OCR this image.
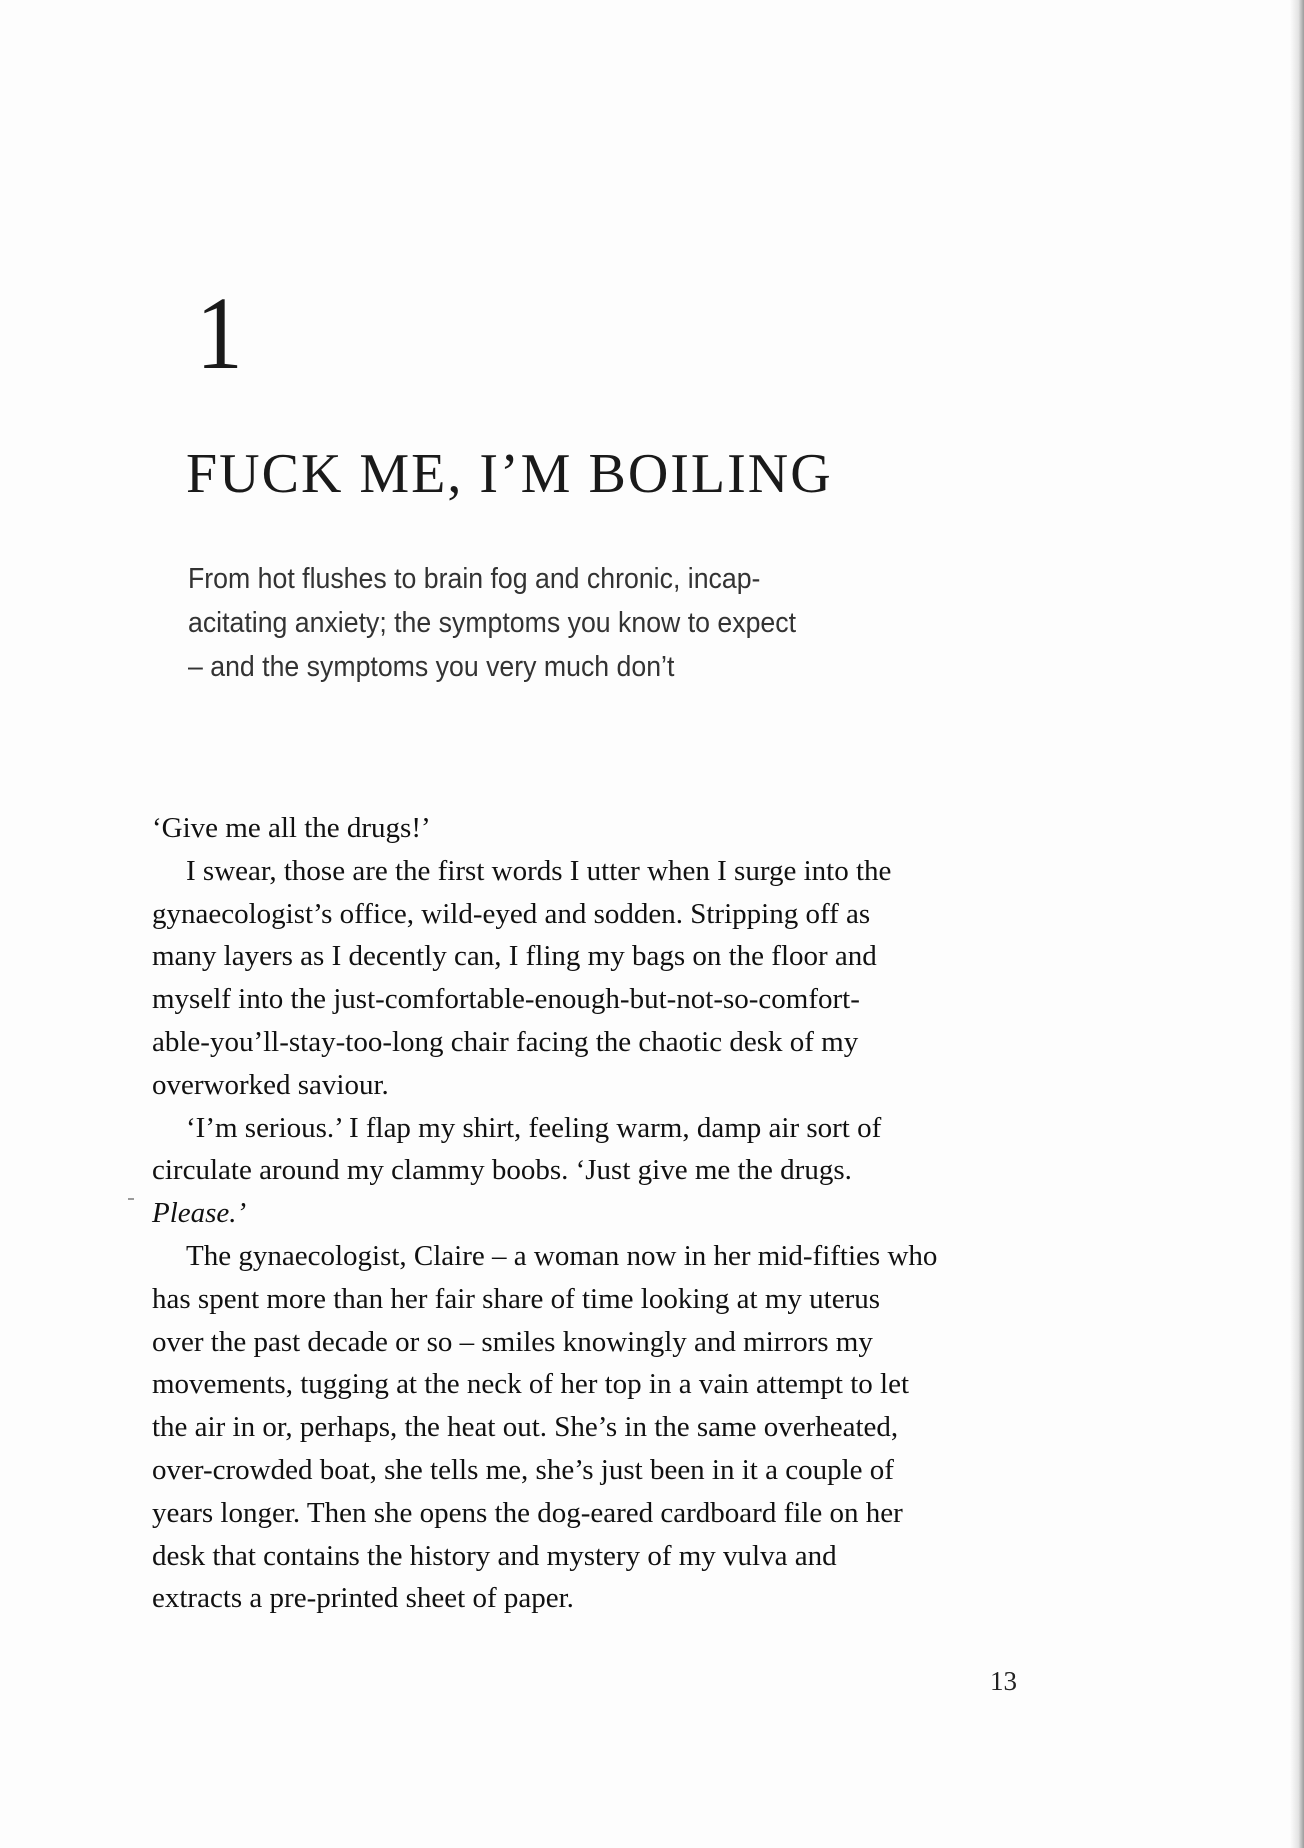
1
FUCK ME, I’M BOILING
From hot flushes to brain fog and chronic, incap-
acitating anxiety; the symptoms you know to expect
– and the symptoms you very much don’t
‘Give me all the drugs!’
I swear, those are the first words I utter when I surge into the
gynaecologist’s office, wild-eyed and sodden. Stripping off as
many layers as I decently can, I fling my bags on the floor and
myself into the just-comfortable-enough-but-not-so-comfort-
able-you’ll-stay-too-long chair facing the chaotic desk of my
overworked saviour.
‘I’m serious.’ I flap my shirt, feeling warm, damp air sort of
circulate around my clammy boobs. ‘Just give me the drugs.
Please.’
The gynaecologist, Claire – a woman now in her mid-fifties who
has spent more than her fair share of time looking at my uterus
over the past decade or so – smiles knowingly and mirrors my
movements, tugging at the neck of her top in a vain attempt to let
the air in or, perhaps, the heat out. She’s in the same overheated,
over-crowded boat, she tells me, she’s just been in it a couple of
years longer. Then she opens the dog-eared cardboard file on her
desk that contains the history and mystery of my vulva and
extracts a pre-printed sheet of paper.
13
